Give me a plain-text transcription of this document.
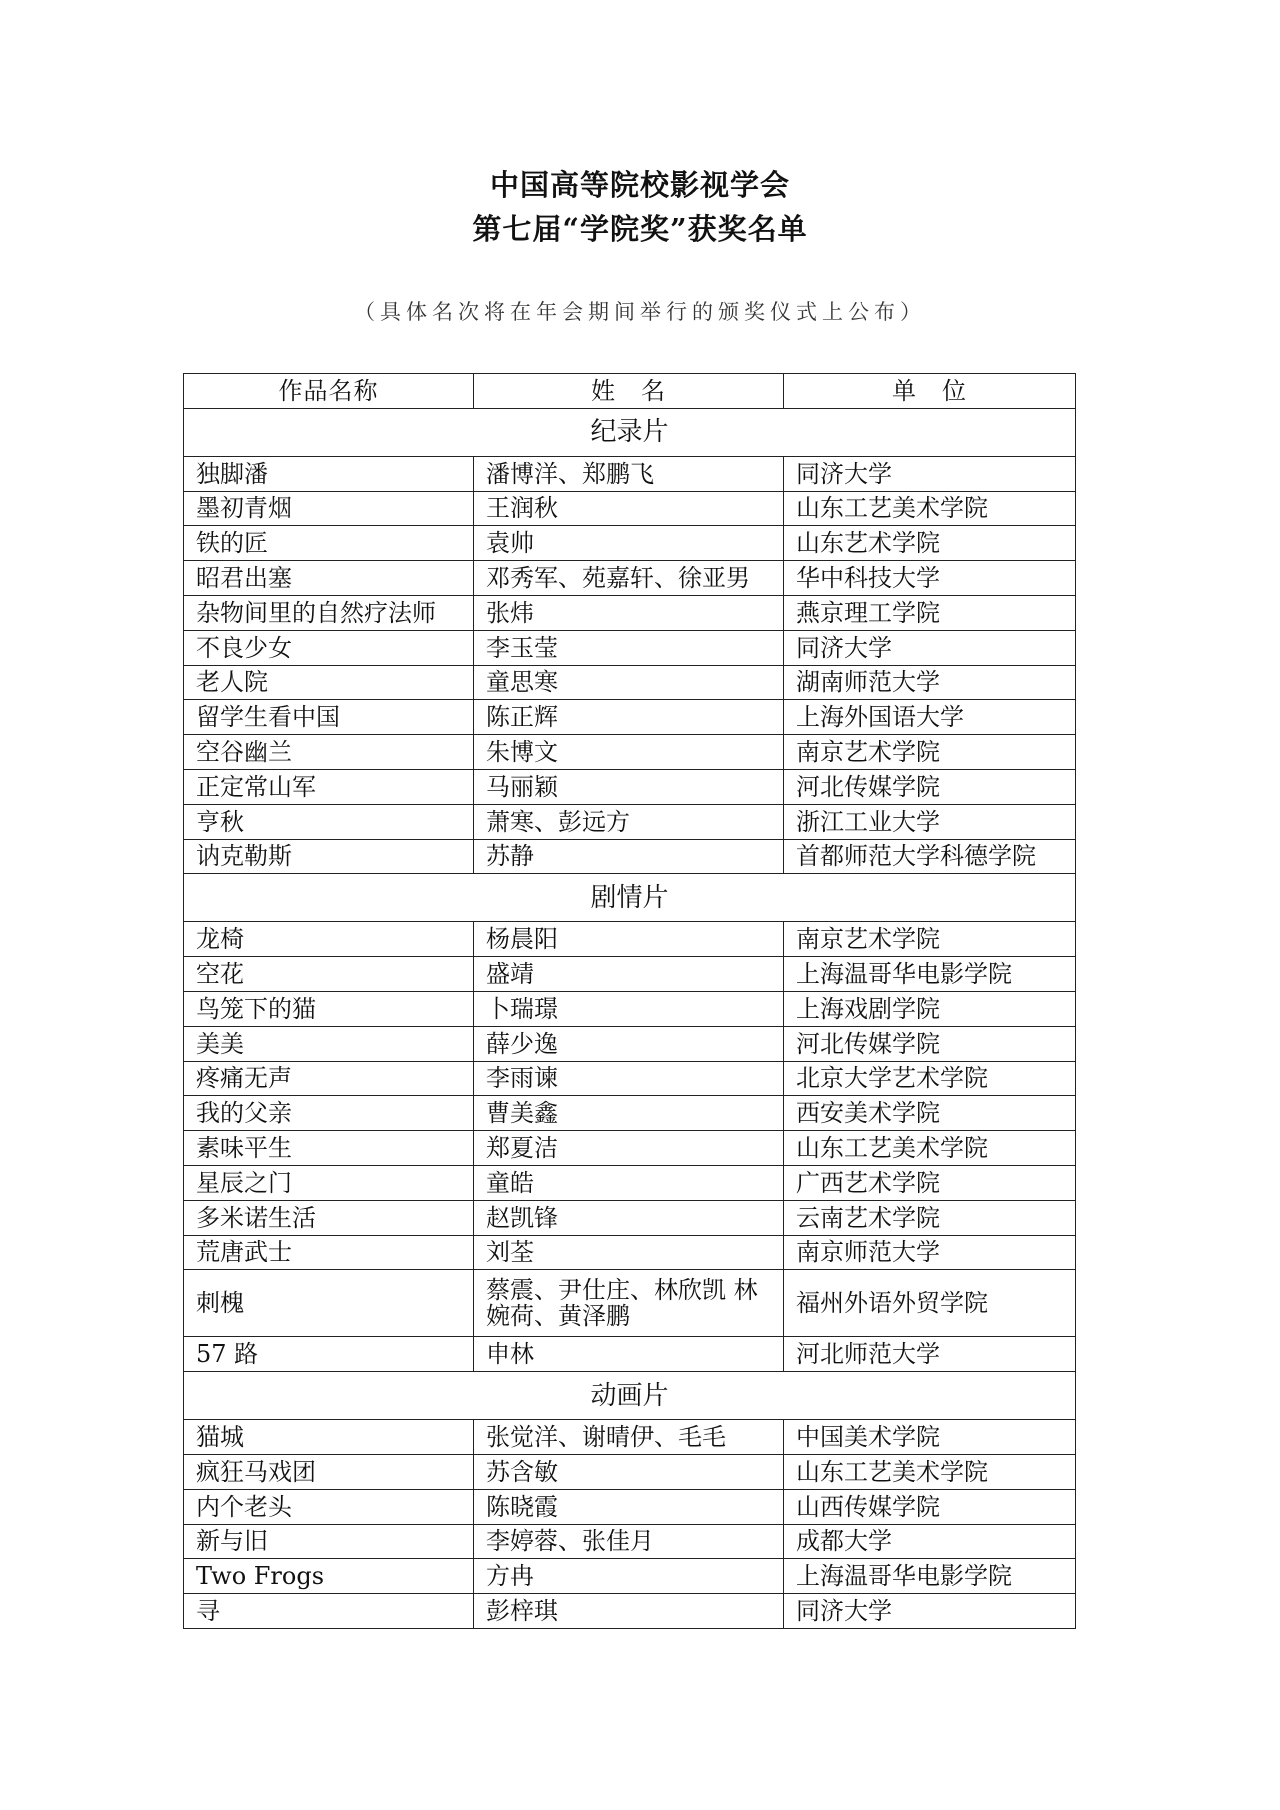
中国高等院校影视学会
第七届“学院奖”获奖名单
（具体名次将在年会期间举行的颁奖仪式上公布）
作品名称	姓　名	单　位
纪录片		
独脚潘	潘博洋、郑鹏飞	同济大学
墨初青烟	王润秋	山东工艺美术学院
铁的匠	袁帅	山东艺术学院
昭君出塞	邓秀军、苑嘉轩、徐亚男	华中科技大学
杂物间里的自然疗法师	张炜	燕京理工学院
不良少女	李玉莹	同济大学
老人院	童思寒	湖南师范大学
留学生看中国	陈正辉	上海外国语大学
空谷幽兰	朱博文	南京艺术学院
正定常山军	马丽颖	河北传媒学院
亨秋	萧寒、彭远方	浙江工业大学
讷克勒斯	苏静	首都师范大学科德学院
剧情片		
龙椅	杨晨阳	南京艺术学院
空花	盛靖	上海温哥华电影学院
鸟笼下的猫	卜瑞璟	上海戏剧学院
美美	薛少逸	河北传媒学院
疼痛无声	李雨谏	北京大学艺术学院
我的父亲	曹美鑫	西安美术学院
素味平生	郑夏洁	山东工艺美术学院
星辰之门	童皓	广西艺术学院
多米诺生活	赵凯锋	云南艺术学院
荒唐武士	刘荃	南京师范大学
刺槐	蔡震、尹仕庄、林欣凯 林婉荷、黄泽鹏	福州外语外贸学院
57 路	申林	河北师范大学
动画片		
猫城	张觉洋、谢晴伊、毛毛	中国美术学院
疯狂马戏团	苏含敏	山东工艺美术学院
内个老头	陈晓霞	山西传媒学院
新与旧	李婷蓉、张佳月	成都大学
Two Frogs	方冉	上海温哥华电影学院
寻	彭梓琪	同济大学
